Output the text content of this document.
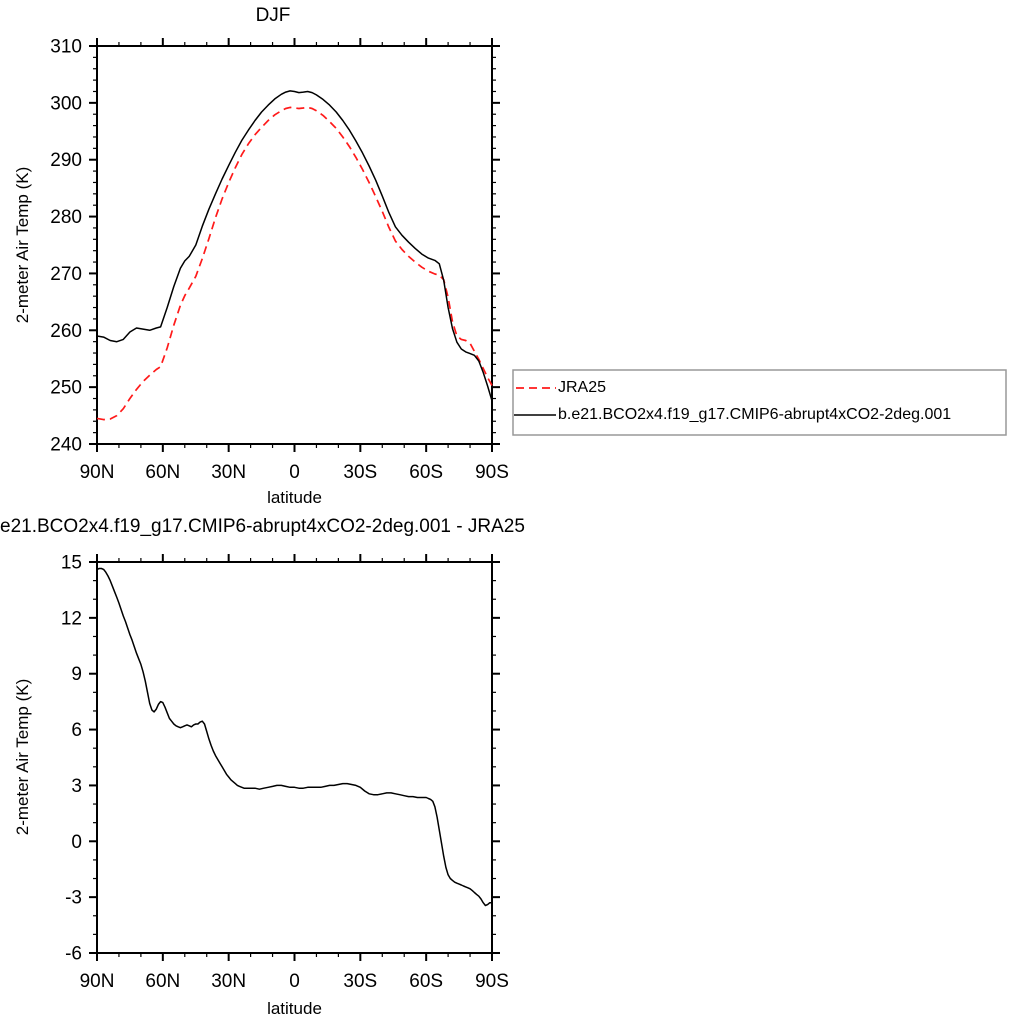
90N 60N 30N 0 30S 60S 90S
240
250
260
270
280
290
300
310
90N 60N 30N 0 30S 60S 90S
-6
-3
0
3
6
9
12
15
DJF
2-meter Air Temp (K)
latitude
JRA25
b.e21.BCO2x4.f19_g17.CMIP6-abrupt4xCO2-2deg.001
e21.BCO2x4.f19_g17.CMIP6-abrupt4xCO2-2deg.001 - JRA25
2-meter Air Temp (K)
latitude
